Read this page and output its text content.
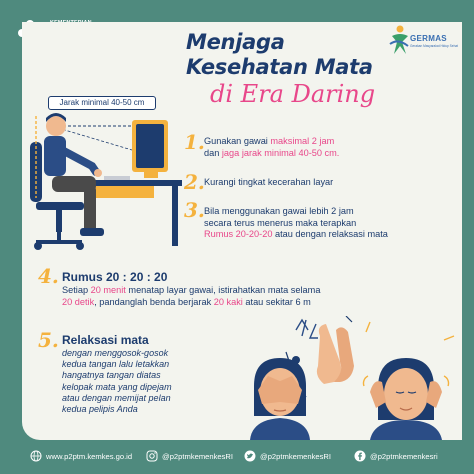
GERMAS
Gerakan Masyarakat Hidup Sehat
Menjaga
Kesehatan Mata
di Era Daring
Jarak minimal 40-50 cm
1. Gunakan gawai maksimal 2 jam
dan jaga jarak minimal 40-50 cm.
2. Kurangi tingkat kecerahan layar
3. Bila menggunakan gawai lebih 2 jam
secara terus menerus maka terapkan
Rumus 20-20-20 atau dengan relaksasi mata
4. Rumus 20 : 20 : 20
Setiap 20 menit menatap layar gawai, istirahatkan mata selama
20 detik, pandanglah benda berjarak 20 kaki atau sekitar 6 m
5. Relaksasi mata
dengan menggosok-gosok
kedua tangan lalu letakkan
hangatnya tangan diatas
kelopak mata yang dipejam
atau dengan memijat pelan
kedua pelipis Anda
www.p2ptm.kemkes.go.id	@p2ptmkemenkesRI	@p2ptmkemenkesRI	@p2ptmkemenkesri
